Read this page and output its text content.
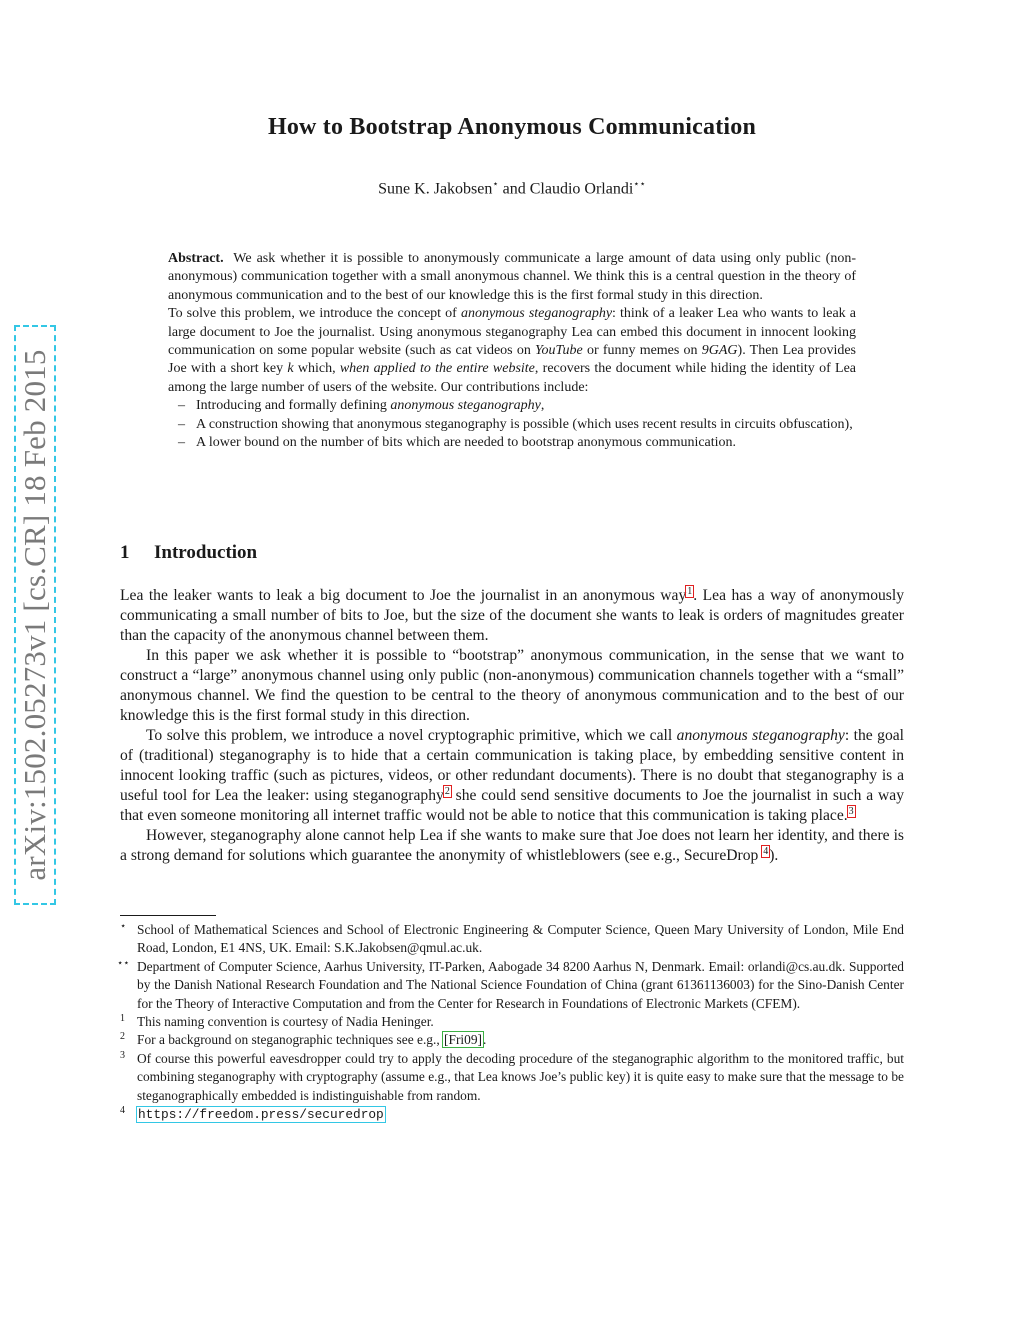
arXiv:1502.05273v1 [cs.CR] 18 Feb 2015
How to Bootstrap Anonymous Communication
Sune K. Jakobsen⋆ and Claudio Orlandi⋆⋆

Abstract. We ask whether it is possible to anonymously communicate a large amount of data using only public (non-anonymous) communication together with a small anonymous channel. We think this is a central question in the theory of anonymous communication and to the best of our knowledge this is the first formal study in this direction.

To solve this problem, we introduce the concept of anonymous steganography: think of a leaker Lea who wants to leak a large document to Joe the journalist. Using anonymous steganography Lea can embed this document in innocent looking communication on some popular website (such as cat videos on YouTube or funny memes on 9GAG). Then Lea provides Joe with a short key k which, when applied to the entire website, recovers the document while hiding the identity of Lea among the large number of users of the website. Our contributions include:

– Introducing and formally defining anonymous steganography,
– A construction showing that anonymous steganography is possible (which uses recent results in circuits obfuscation),
– A lower bound on the number of bits which are needed to bootstrap anonymous communication.
1 Introduction

Lea the leaker wants to leak a big document to Joe the journalist in an anonymous way$^1$. Lea has a way of anonymously communicating a small number of bits to Joe, but the size of the document she wants to leak is orders of magnitudes greater than the capacity of the anonymous channel between them.

In this paper we ask whether it is possible to “bootstrap” anonymous communication, in the sense that we want to construct a “large” anonymous channel using only public (non-anonymous) communication channels together with a “small” anonymous channel. We find the question to be central to the theory of anonymous communication and to the best of our knowledge this is the first formal study in this direction.

To solve this problem, we introduce a novel cryptographic primitive, which we call anonymous steganography: the goal of (traditional) steganography is to hide that a certain communication is taking place, by embedding sensitive content in innocent looking traffic (such as pictures, videos, or other redundant documents). There is no doubt that steganography is a useful tool for Lea the leaker: using steganography$^2$ she could send sensitive documents to Joe the journalist in such a way that even someone monitoring all internet traffic would not be able to notice that this communication is taking place.$^3$

However, steganography alone cannot help Lea if she wants to make sure that Joe does not learn her identity, and there is a strong demand for solutions which guarantee the anonymity of whistleblowers (see e.g., SecureDrop $^4$).

⋆ School of Mathematical Sciences and School of Electronic Engineering & Computer Science, Queen Mary University of London, Mile End Road, London, E1 4NS, UK. Email: S.K.Jakobsen@qmul.ac.uk.
⋆⋆ Department of Computer Science, Aarhus University, IT-Parken, Aabogade 34 8200 Aarhus N, Denmark. Email: orlandi@cs.au.dk. Supported by the Danish National Research Foundation and The National Science Foundation of China (grant 61361136003) for the Sino-Danish Center for the Theory of Interactive Computation and from the Center for Research in Foundations of Electronic Markets (CFEM).
1 This naming convention is courtesy of Nadia Heninger.
2 For a background on steganographic techniques see e.g., [Fri09].
3 Of course this powerful eavesdropper could try to apply the decoding procedure of the steganographic algorithm to the monitored traffic, but combining steganography with cryptography (assume e.g., that Lea knows Joe’s public key) it is quite easy to make sure that the message to be steganographically embedded is indistinguishable from random.
4 https://freedom.press/securedrop
